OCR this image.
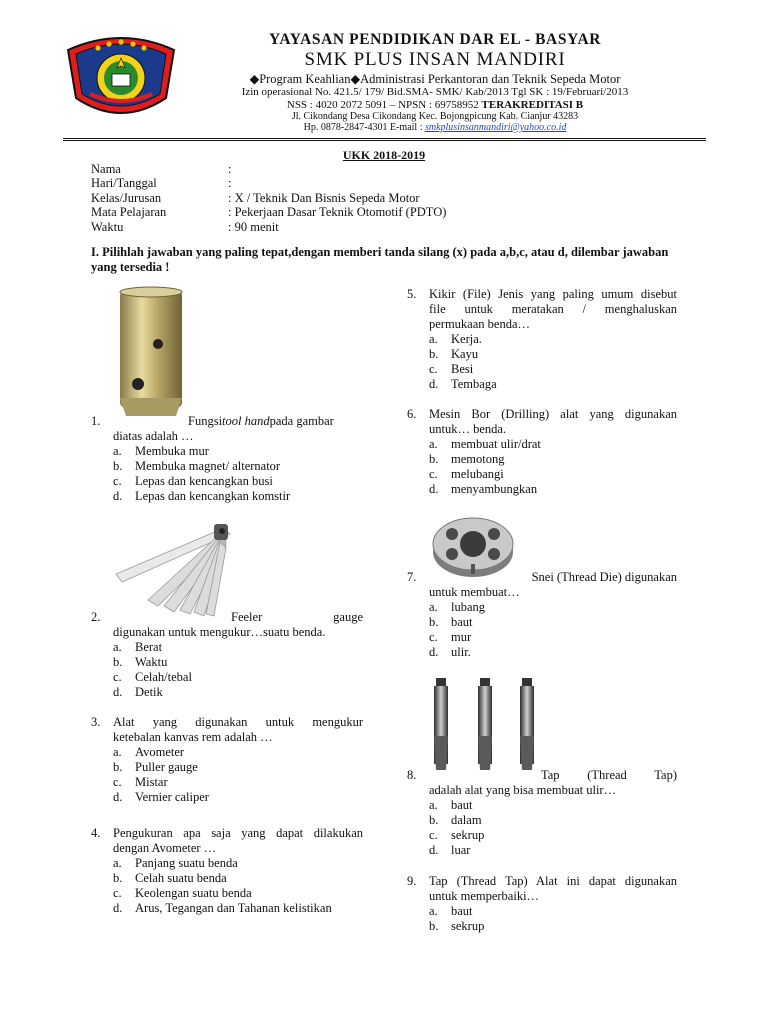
YAYASAN PENDIDIKAN DAR EL - BASYAR
SMK PLUS INSAN MANDIRI
◆Program Keahlian◆Administrasi Perkantoran dan Teknik Sepeda Motor
Izin operasional No. 421.5/ 179/ Bid.SMA- SMK/ Kab/2013 Tgl SK : 19/Februari/2013
NSS : 4020 2072 5091 – NPSN : 69758952 TERAKREDITASI B
Jl. Cikondang Desa Cikondang Kec. Bojongpicung Kab. Cianjur 43283
Hp. 0878-2847-4301 E-mail : smkplusinsanmandiri@yahoo.co.id
UKK 2018-2019
Nama	:
Hari/Tanggal	:
Kelas/Jurusan	: X / Teknik Dan Bisnis Sepeda Motor
Mata Pelajaran	: Pekerjaan Dasar Teknik Otomotif (PDTO)
Waktu	: 90 menit
I. Pilihlah jawaban yang paling tepat,dengan memberi tanda silang (x) pada a,b,c, atau d, dilembar jawaban yang tersedia !
1.	Fungsi tool hand pada gambar
diatas adalah …
a.	Membuka mur
b.	Membuka magnet/ alternator
c.	Lepas dan kencangkan busi
d.	Lepas dan kencangkan komstir
2.	Feeler	gauge
digunakan untuk mengukur…suatu benda.
a.	Berat
b.	Waktu
c.	Celah/tebal
d.	Detik
3.	Alat yang digunakan untuk mengukur
ketebalan kanvas rem adalah …
a.	Avometer
b.	Puller gauge
c.	Mistar
d.	Vernier caliper
4.	Pengukuran apa saja yang dapat dilakukan
dengan Avometer …
a.	Panjang suatu benda
b.	Celah suatu benda
c.	Keolengan suatu benda
d.	Arus, Tegangan dan Tahanan kelistikan
5.	Kikir (File) Jenis yang paling umum disebut
file untuk meratakan / menghaluskan
permukaan benda…
a.	Kerja.
b.	Kayu
c.	Besi
d.	Tembaga
6.	Mesin Bor (Drilling) alat yang digunakan
untuk… benda.
a.	membuat ulir/drat
b.	memotong
c.	melubangi
d.	menyambungkan
7.	Snei (Thread Die) digunakan
untuk membuat…
a.	lubang
b.	baut
c.	mur
d.	ulir.
8.	Tap (Thread Tap)
adalah alat yang bisa membuat ulir…
a.	baut
b.	dalam
c.	sekrup
d.	luar
9.	Tap (Thread Tap) Alat ini dapat digunakan
untuk memperbaiki…
a.	baut
b.	sekrup
